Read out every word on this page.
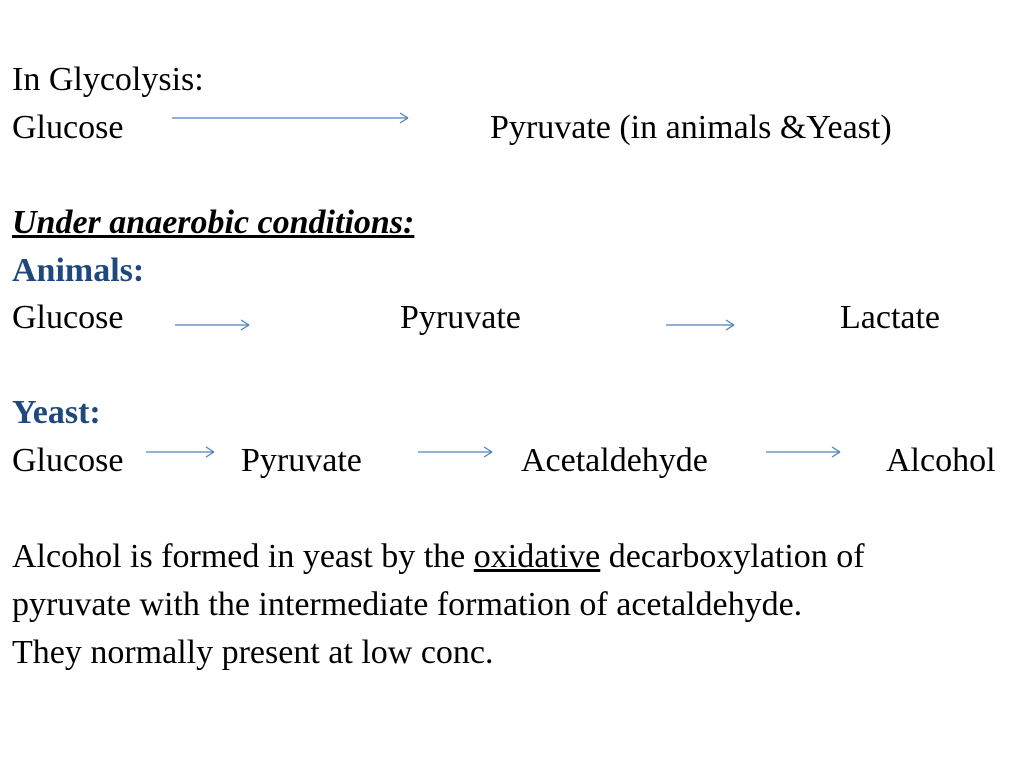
In Glycolysis:
Glucose	Pyruvate (in animals &Yeast)
Under anaerobic conditions:
Animals:
Glucose	Pyruvate	Lactate
Yeast:
Glucose	Pyruvate	Acetaldehyde	Alcohol
Alcohol is formed in yeast by the oxidative decarboxylation of
pyruvate with the intermediate formation of acetaldehyde.
They normally present at low conc.
